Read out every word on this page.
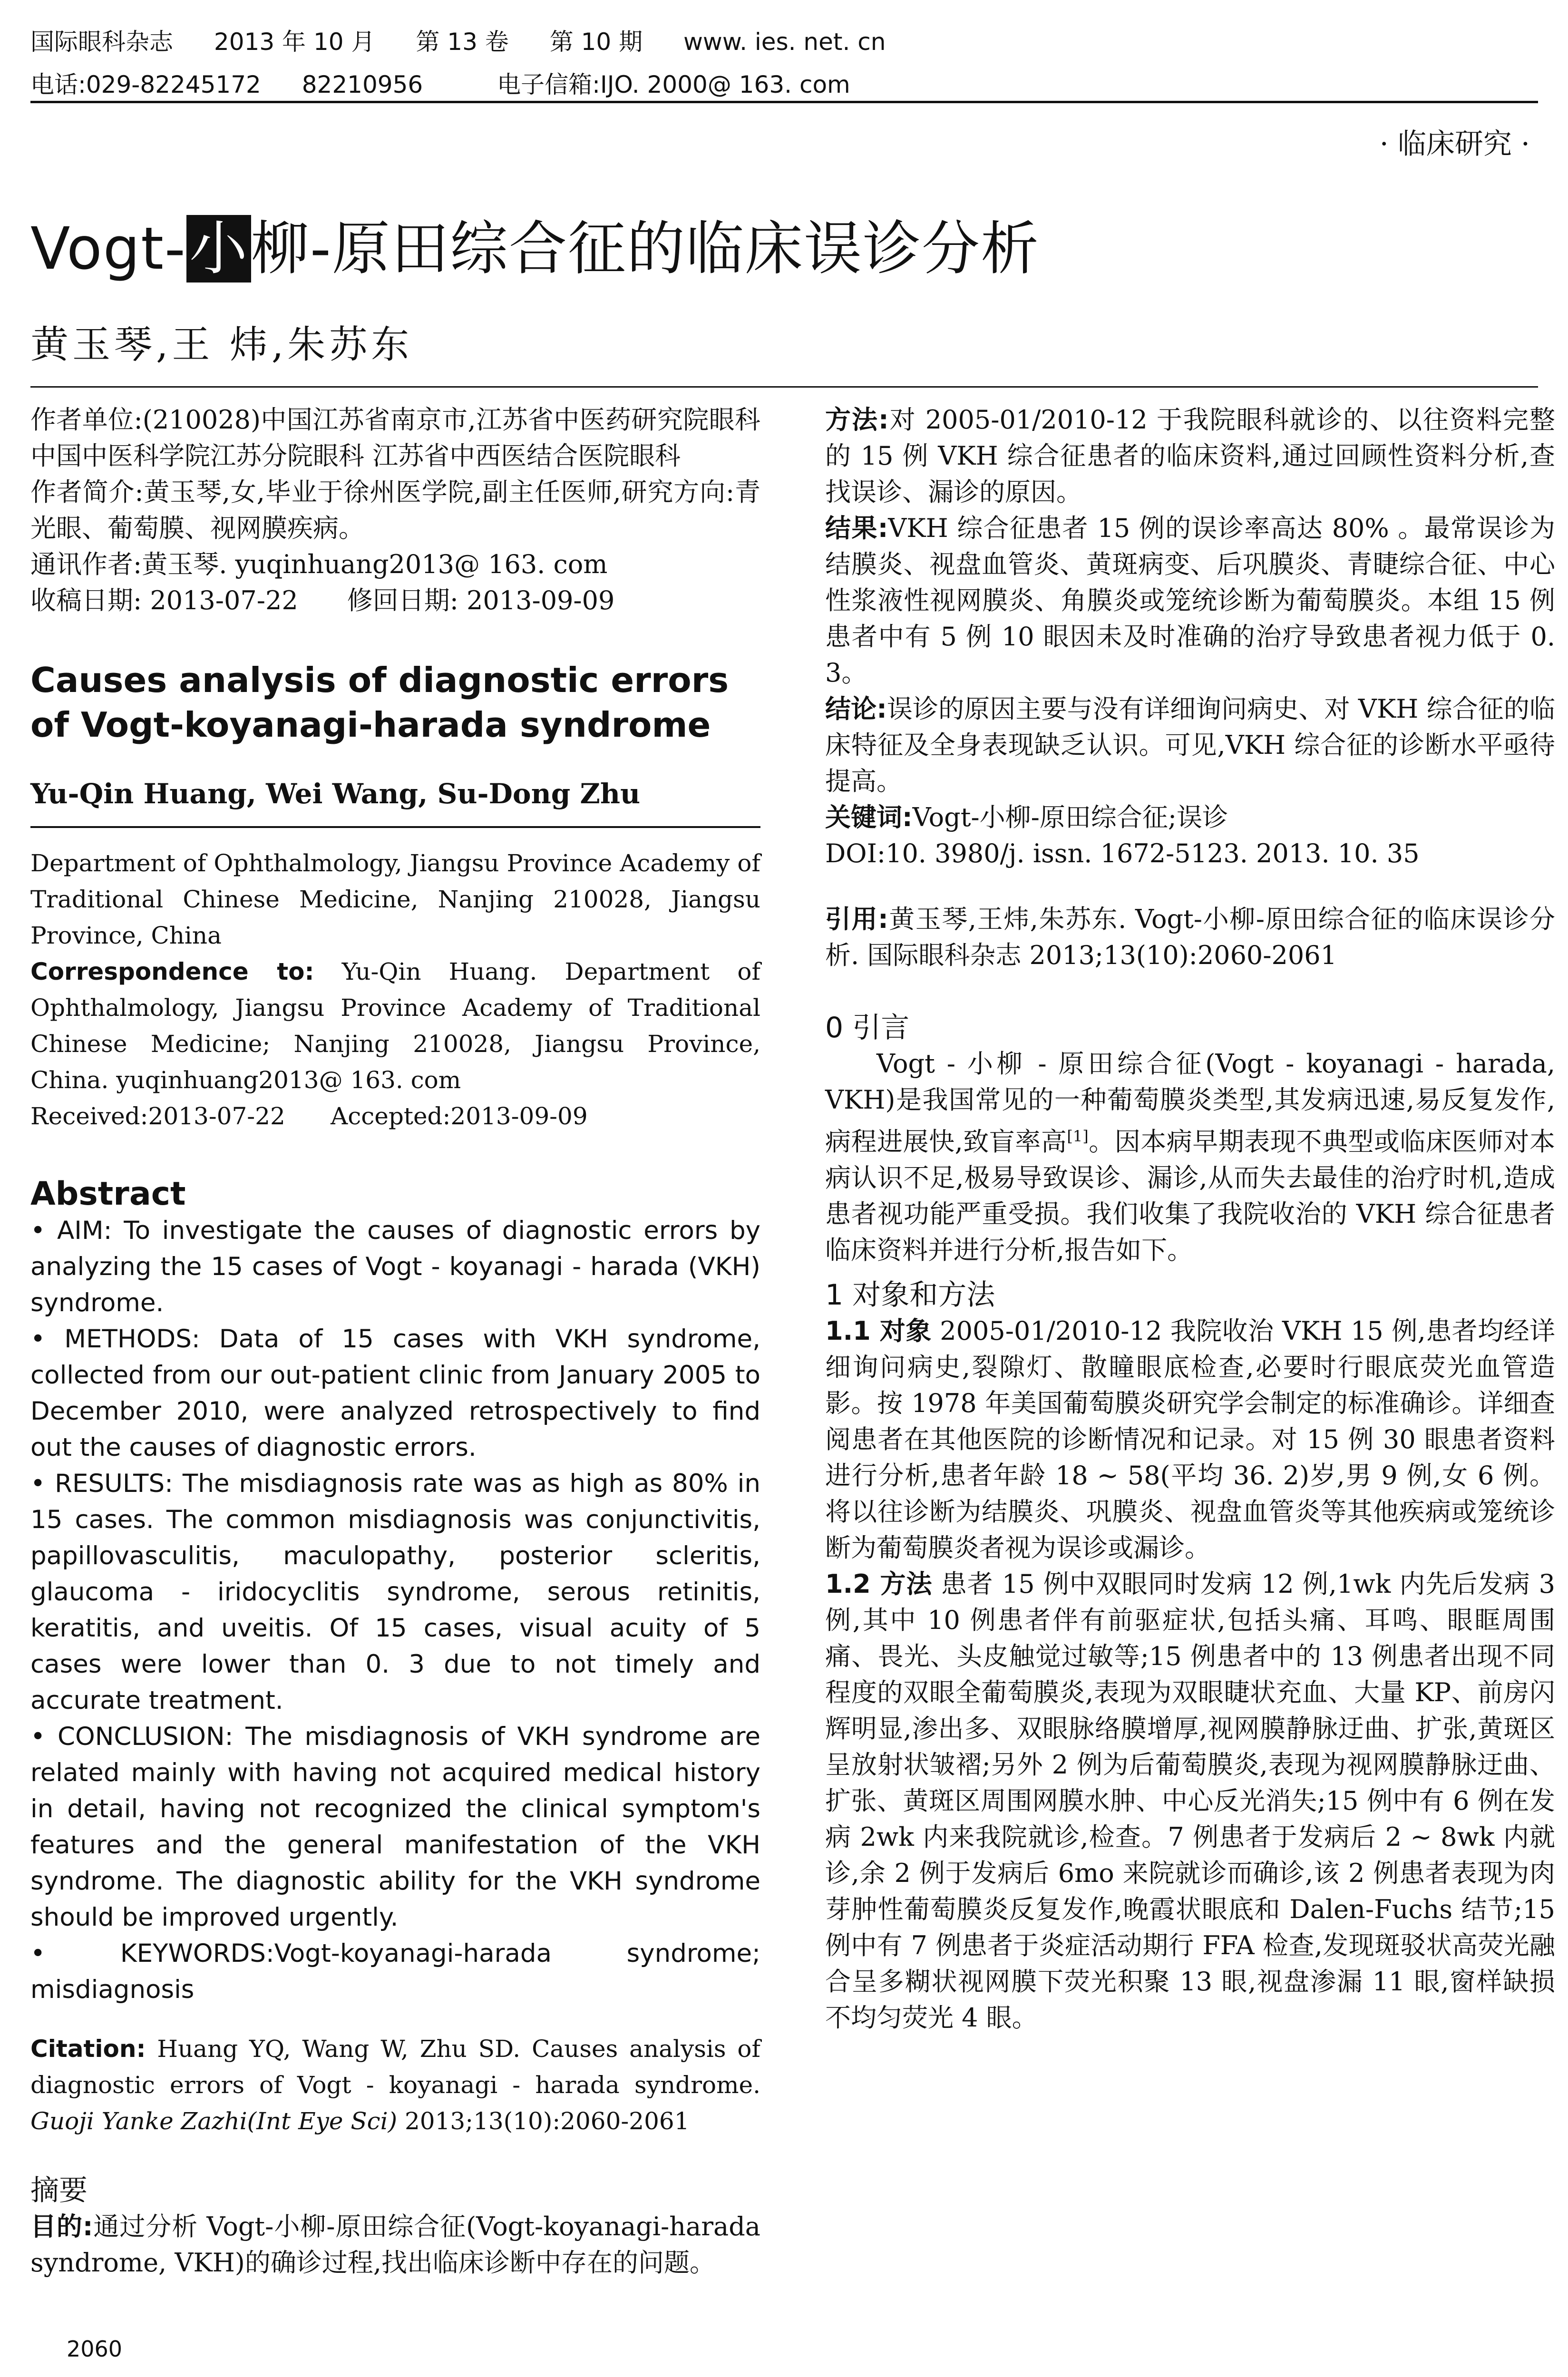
国际眼科杂志 2013 年 10 月 第 13 卷 第 10 期 www. ies. net. cn
电话:029-82245172 82210956	电子信箱:IJO. 2000@ 163. com
· 临床研究 ·
Vogt-小柳-原田综合征的临床误诊分析
黄玉琴,王 炜,朱苏东

作者单位:(210028)中国江苏省南京市,江苏省中医药研究院眼科 中国中医科学院江苏分院眼科 江苏省中西医结合医院眼科

作者简介:黄玉琴,女,毕业于徐州医学院,副主任医师,研究方向:青光眼、葡萄膜、视网膜疾病。

通讯作者:黄玉琴. yuqinhuang2013@ 163. com

收稿日期: 2013-07-22      修回日期: 2013-09-09

Causes analysis of diagnostic errors of Vogt-koyanagi-harada syndrome

Yu-Qin Huang, Wei Wang, Su-Dong Zhu

Department of Ophthalmology, Jiangsu Province Academy of Traditional Chinese Medicine, Nanjing 210028, Jiangsu Province, China

Correspondence to: Yu-Qin Huang. Department of Ophthalmology, Jiangsu Province Academy of Traditional Chinese Medicine; Nanjing 210028, Jiangsu Province, China. yuqinhuang2013@ 163. com

Received:2013-07-22      Accepted:2013-09-09

Abstract

• AIM: To investigate the causes of diagnostic errors by analyzing the 15 cases of Vogt - koyanagi - harada (VKH) syndrome.

• METHODS: Data of 15 cases with VKH syndrome, collected from our out-patient clinic from January 2005 to December 2010, were analyzed retrospectively to find out the causes of diagnostic errors.

• RESULTS: The misdiagnosis rate was as high as 80% in 15 cases. The common misdiagnosis was conjunctivitis, papillovasculitis, maculopathy, posterior scleritis, glaucoma - iridocyclitis syndrome, serous retinitis, keratitis, and uveitis. Of 15 cases, visual acuity of 5 cases were lower than 0. 3 due to not timely and accurate treatment.

• CONCLUSION: The misdiagnosis of VKH syndrome are related mainly with having not acquired medical history in detail, having not recognized the clinical symptom's features and the general manifestation of the VKH syndrome. The diagnostic ability for the VKH syndrome should be improved urgently.

• KEYWORDS:Vogt-koyanagi-harada syndrome; misdiagnosis

Citation: Huang YQ, Wang W, Zhu SD. Causes analysis of diagnostic errors of Vogt - koyanagi - harada syndrome. Guoji Yanke Zazhi(Int Eye Sci) 2013;13(10):2060-2061

摘要

目的:通过分析 Vogt-小柳-原田综合征(Vogt-koyanagi-harada syndrome, VKH)的确诊过程,找出临床诊断中存在的问题。

方法:对 2005-01/2010-12 于我院眼科就诊的、以往资料完整的 15 例 VKH 综合征患者的临床资料,通过回顾性资料分析,查找误诊、漏诊的原因。

结果:VKH 综合征患者 15 例的误诊率高达 80% 。最常误诊为结膜炎、视盘血管炎、黄斑病变、后巩膜炎、青睫综合征、中心性浆液性视网膜炎、角膜炎或笼统诊断为葡萄膜炎。本组 15 例患者中有 5 例 10 眼因未及时准确的治疗导致患者视力低于 0. 3。

结论:误诊的原因主要与没有详细询问病史、对 VKH 综合征的临床特征及全身表现缺乏认识。可见,VKH 综合征的诊断水平亟待提高。

关键词:Vogt-小柳-原田综合征;误诊

DOI:10. 3980/j. issn. 1672-5123. 2013. 10. 35

引用:黄玉琴,王炜,朱苏东. Vogt-小柳-原田综合征的临床误诊分析. 国际眼科杂志 2013;13(10):2060-2061

0 引言

Vogt - 小柳 - 原田综合征(Vogt - koyanagi - harada, VKH)是我国常见的一种葡萄膜炎类型,其发病迅速,易反复发作,病程进展快,致盲率高[1]。因本病早期表现不典型或临床医师对本病认识不足,极易导致误诊、漏诊,从而失去最佳的治疗时机,造成患者视功能严重受损。我们收集了我院收治的 VKH 综合征患者临床资料并进行分析,报告如下。

1 对象和方法

1.1 对象 2005-01/2010-12 我院收治 VKH 15 例,患者均经详细询问病史,裂隙灯、散瞳眼底检查,必要时行眼底荧光血管造影。按 1978 年美国葡萄膜炎研究学会制定的标准确诊。详细查阅患者在其他医院的诊断情况和记录。对 15 例 30 眼患者资料进行分析,患者年龄 18 ~ 58(平均 36. 2)岁,男 9 例,女 6 例。将以往诊断为结膜炎、巩膜炎、视盘血管炎等其他疾病或笼统诊断为葡萄膜炎者视为误诊或漏诊。

1.2 方法 患者 15 例中双眼同时发病 12 例,1wk 内先后发病 3 例,其中 10 例患者伴有前驱症状,包括头痛、耳鸣、眼眶周围痛、畏光、头皮触觉过敏等;15 例患者中的 13 例患者出现不同程度的双眼全葡萄膜炎,表现为双眼睫状充血、大量 KP、前房闪辉明显,渗出多、双眼脉络膜增厚,视网膜静脉迂曲、扩张,黄斑区呈放射状皱褶;另外 2 例为后葡萄膜炎,表现为视网膜静脉迂曲、扩张、黄斑区周围网膜水肿、中心反光消失;15 例中有 6 例在发病 2wk 内来我院就诊,检查。7 例患者于发病后 2 ~ 8wk 内就诊,余 2 例于发病后 6mo 来院就诊而确诊,该 2 例患者表现为肉芽肿性葡萄膜炎反复发作,晚霞状眼底和 Dalen-Fuchs 结节;15 例中有 7 例患者于炎症活动期行 FFA 检查,发现斑驳状高荧光融合呈多糊状视网膜下荧光积聚 13 眼,视盘渗漏 11 眼,窗样缺损不均匀荧光 4 眼。

2060
